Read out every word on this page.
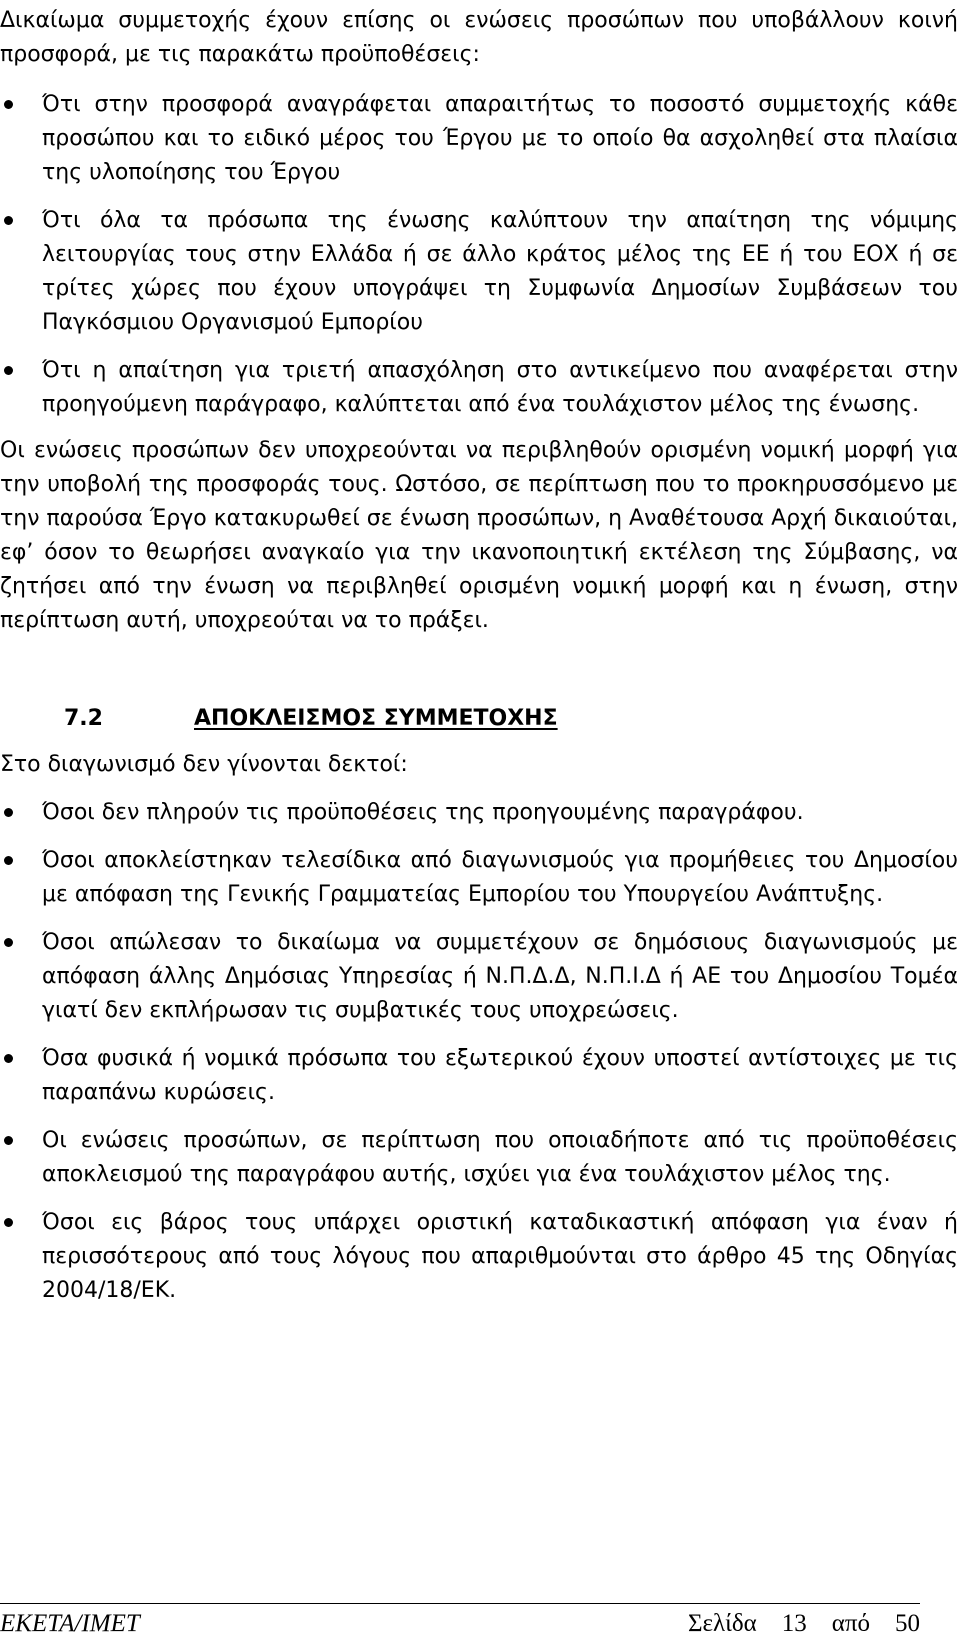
Δικαίωμα συμμετοχής έχουν επίσης οι ενώσεις προσώπων που υποβάλλουν κοινή προσφορά, με τις παρακάτω προϋποθέσεις:

Ότι στην προσφορά αναγράφεται απαραιτήτως το ποσοστό συμμετοχής κάθε προσώπου και το ειδικό μέρος του Έργου με το οποίο θα ασχοληθεί στα πλαίσια της υλοποίησης του Έργου
Ότι όλα τα πρόσωπα της ένωσης καλύπτουν την απαίτηση της νόμιμης λειτουργίας τους στην Ελλάδα ή σε άλλο κράτος μέλος της ΕΕ ή του ΕΟΧ ή σε τρίτες χώρες που έχουν υπογράψει τη Συμφωνία Δημοσίων Συμβάσεων του Παγκόσμιου Οργανισμού Εμπορίου
Ότι η απαίτηση για τριετή απασχόληση στο αντικείμενο που αναφέρεται στην προηγούμενη παράγραφο, καλύπτεται από ένα τουλάχιστον μέλος της ένωσης.

Οι ενώσεις προσώπων δεν υποχρεούνται να περιβληθούν ορισμένη νομική μορφή για την υποβολή της προσφοράς τους. Ωστόσο, σε περίπτωση που το προκηρυσσόμενο με την παρούσα Έργο κατακυρωθεί σε ένωση προσώπων, η Αναθέτουσα Αρχή δικαιούται, εφ’ όσον το θεωρήσει αναγκαίο για την ικανοποιητική εκτέλεση της Σύμβασης, να ζητήσει από την ένωση να περιβληθεί ορισμένη νομική μορφή και η ένωση, στην περίπτωση αυτή, υποχρεούται να το πράξει.

7.2	ΑΠΟΚΛΕΙΣΜΟΣ ΣΥΜΜΕΤΟΧΗΣ

Στο διαγωνισμό δεν γίνονται δεκτοί:

Όσοι δεν πληρούν τις προϋποθέσεις της προηγουμένης παραγράφου.
Όσοι αποκλείστηκαν τελεσίδικα από διαγωνισμούς για προμήθειες του Δημοσίου με απόφαση της Γενικής Γραμματείας Εμπορίου του Υπουργείου Ανάπτυξης.
Όσοι απώλεσαν το δικαίωμα να συμμετέχουν σε δημόσιους διαγωνισμούς με απόφαση άλλης Δημόσιας Υπηρεσίας ή Ν.Π.Δ.Δ, Ν.Π.Ι.Δ ή ΑΕ του Δημοσίου Τομέα γιατί δεν εκπλήρωσαν τις συμβατικές τους υποχρεώσεις.
Όσα φυσικά ή νομικά πρόσωπα του εξωτερικού έχουν υποστεί αντίστοιχες με τις παραπάνω κυρώσεις.
Οι ενώσεις προσώπων, σε περίπτωση που οποιαδήποτε από τις προϋποθέσεις αποκλεισμού της παραγράφου αυτής, ισχύει για ένα τουλάχιστον μέλος της.
Όσοι εις βάρος τους υπάρχει οριστική καταδικαστική απόφαση για έναν ή περισσότερους από τους λόγους που απαριθμούνται στο άρθρο 45 της Οδηγίας 2004/18/ΕΚ.
ΕΚΕΤΑ/ΙΜΕΤ	Σελίδα 13 από 50
